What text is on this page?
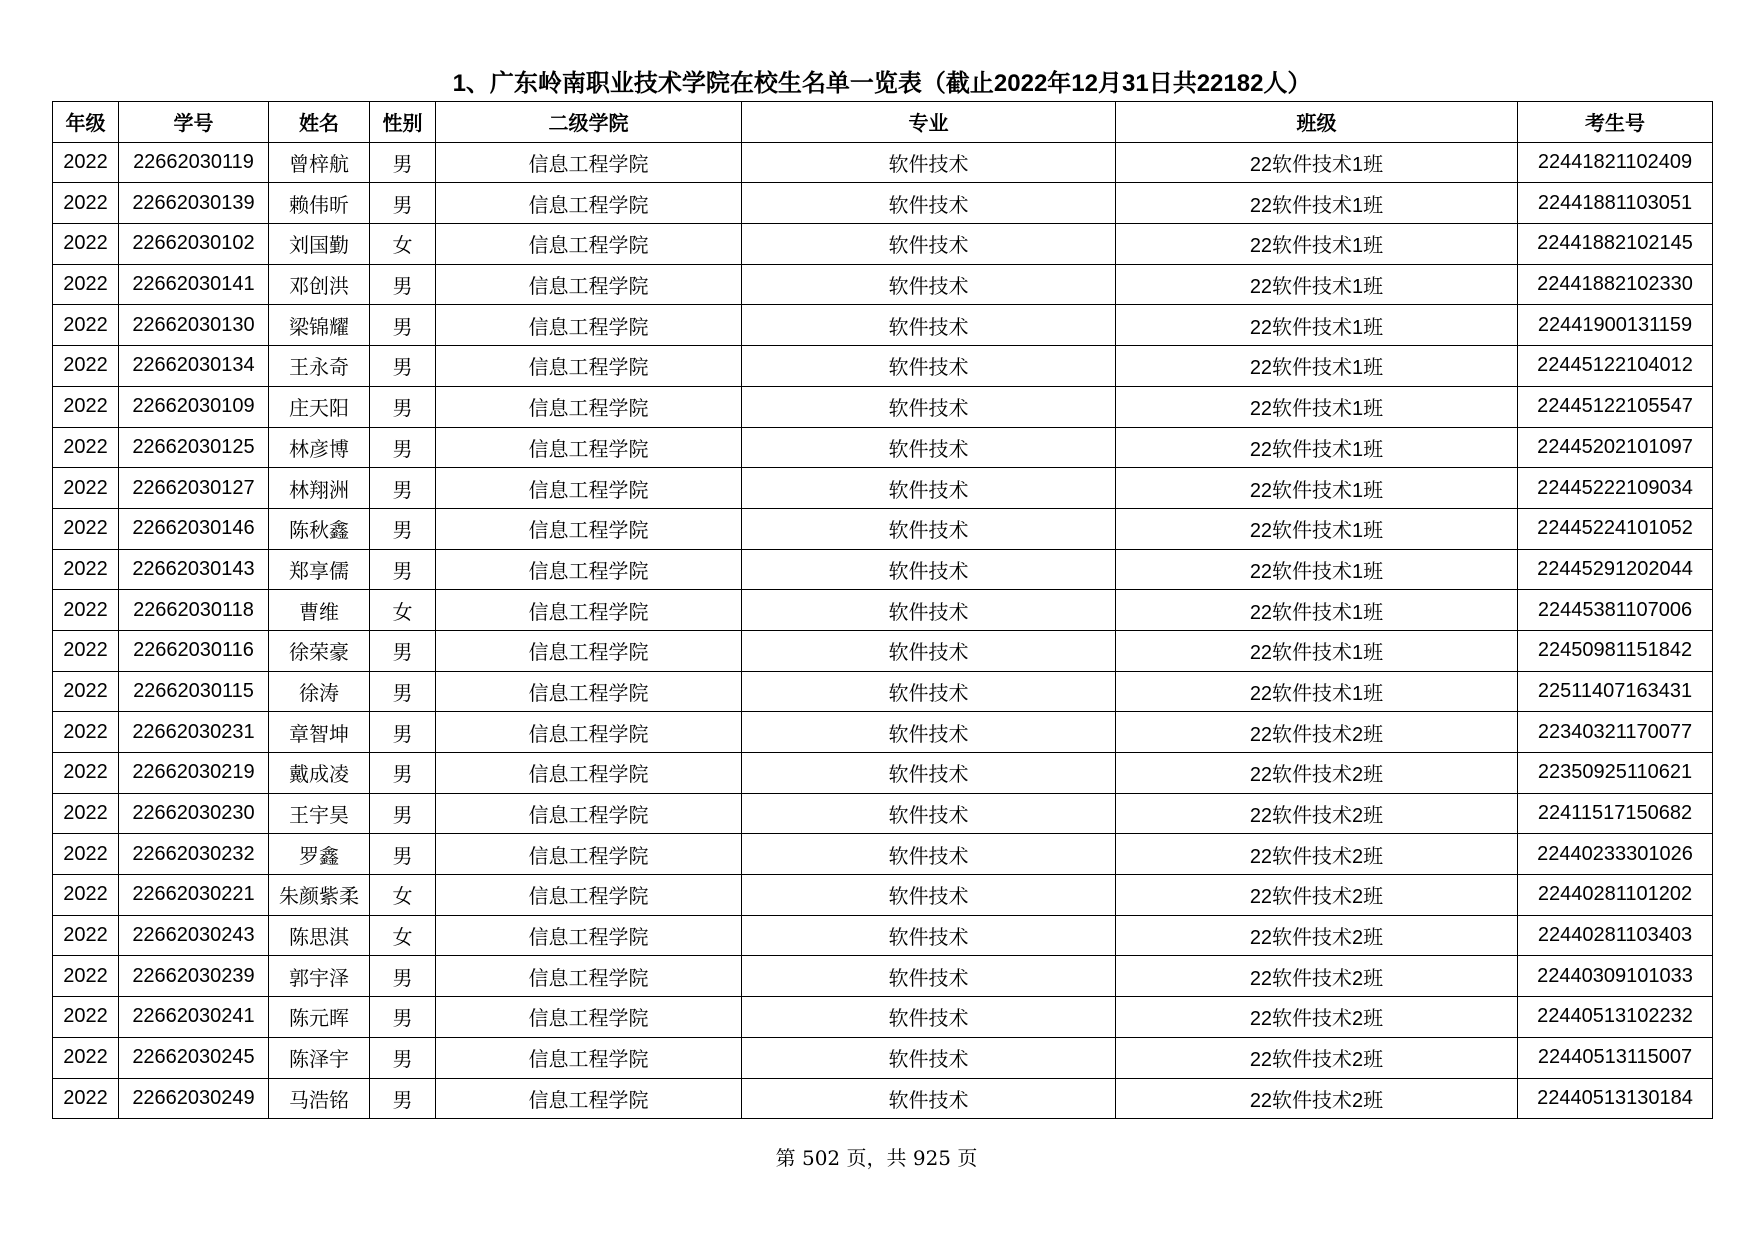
1、广东岭南职业技术学院在校生名单一览表（截止2022年12月31日共22182人）
年级	学号	姓名	性别	二级学院	专业	班级	考生号
2022	22662030119	曾梓航	男	信息工程学院	软件技术	22软件技术1班	22441821102409
2022	22662030139	赖伟昕	男	信息工程学院	软件技术	22软件技术1班	22441881103051
2022	22662030102	刘国勤	女	信息工程学院	软件技术	22软件技术1班	22441882102145
2022	22662030141	邓创洪	男	信息工程学院	软件技术	22软件技术1班	22441882102330
2022	22662030130	梁锦耀	男	信息工程学院	软件技术	22软件技术1班	22441900131159
2022	22662030134	王永奇	男	信息工程学院	软件技术	22软件技术1班	22445122104012
2022	22662030109	庄天阳	男	信息工程学院	软件技术	22软件技术1班	22445122105547
2022	22662030125	林彦博	男	信息工程学院	软件技术	22软件技术1班	22445202101097
2022	22662030127	林翔洲	男	信息工程学院	软件技术	22软件技术1班	22445222109034
2022	22662030146	陈秋鑫	男	信息工程学院	软件技术	22软件技术1班	22445224101052
2022	22662030143	郑享儒	男	信息工程学院	软件技术	22软件技术1班	22445291202044
2022	22662030118	曹维	女	信息工程学院	软件技术	22软件技术1班	22445381107006
2022	22662030116	徐荣豪	男	信息工程学院	软件技术	22软件技术1班	22450981151842
2022	22662030115	徐涛	男	信息工程学院	软件技术	22软件技术1班	22511407163431
2022	22662030231	章智坤	男	信息工程学院	软件技术	22软件技术2班	22340321170077
2022	22662030219	戴成凌	男	信息工程学院	软件技术	22软件技术2班	22350925110621
2022	22662030230	王宇昊	男	信息工程学院	软件技术	22软件技术2班	22411517150682
2022	22662030232	罗鑫	男	信息工程学院	软件技术	22软件技术2班	22440233301026
2022	22662030221	朱颜紫柔	女	信息工程学院	软件技术	22软件技术2班	22440281101202
2022	22662030243	陈思淇	女	信息工程学院	软件技术	22软件技术2班	22440281103403
2022	22662030239	郭宇泽	男	信息工程学院	软件技术	22软件技术2班	22440309101033
2022	22662030241	陈元晖	男	信息工程学院	软件技术	22软件技术2班	22440513102232
2022	22662030245	陈泽宇	男	信息工程学院	软件技术	22软件技术2班	22440513115007
2022	22662030249	马浩铭	男	信息工程学院	软件技术	22软件技术2班	22440513130184
第 502 页，共 925 页
